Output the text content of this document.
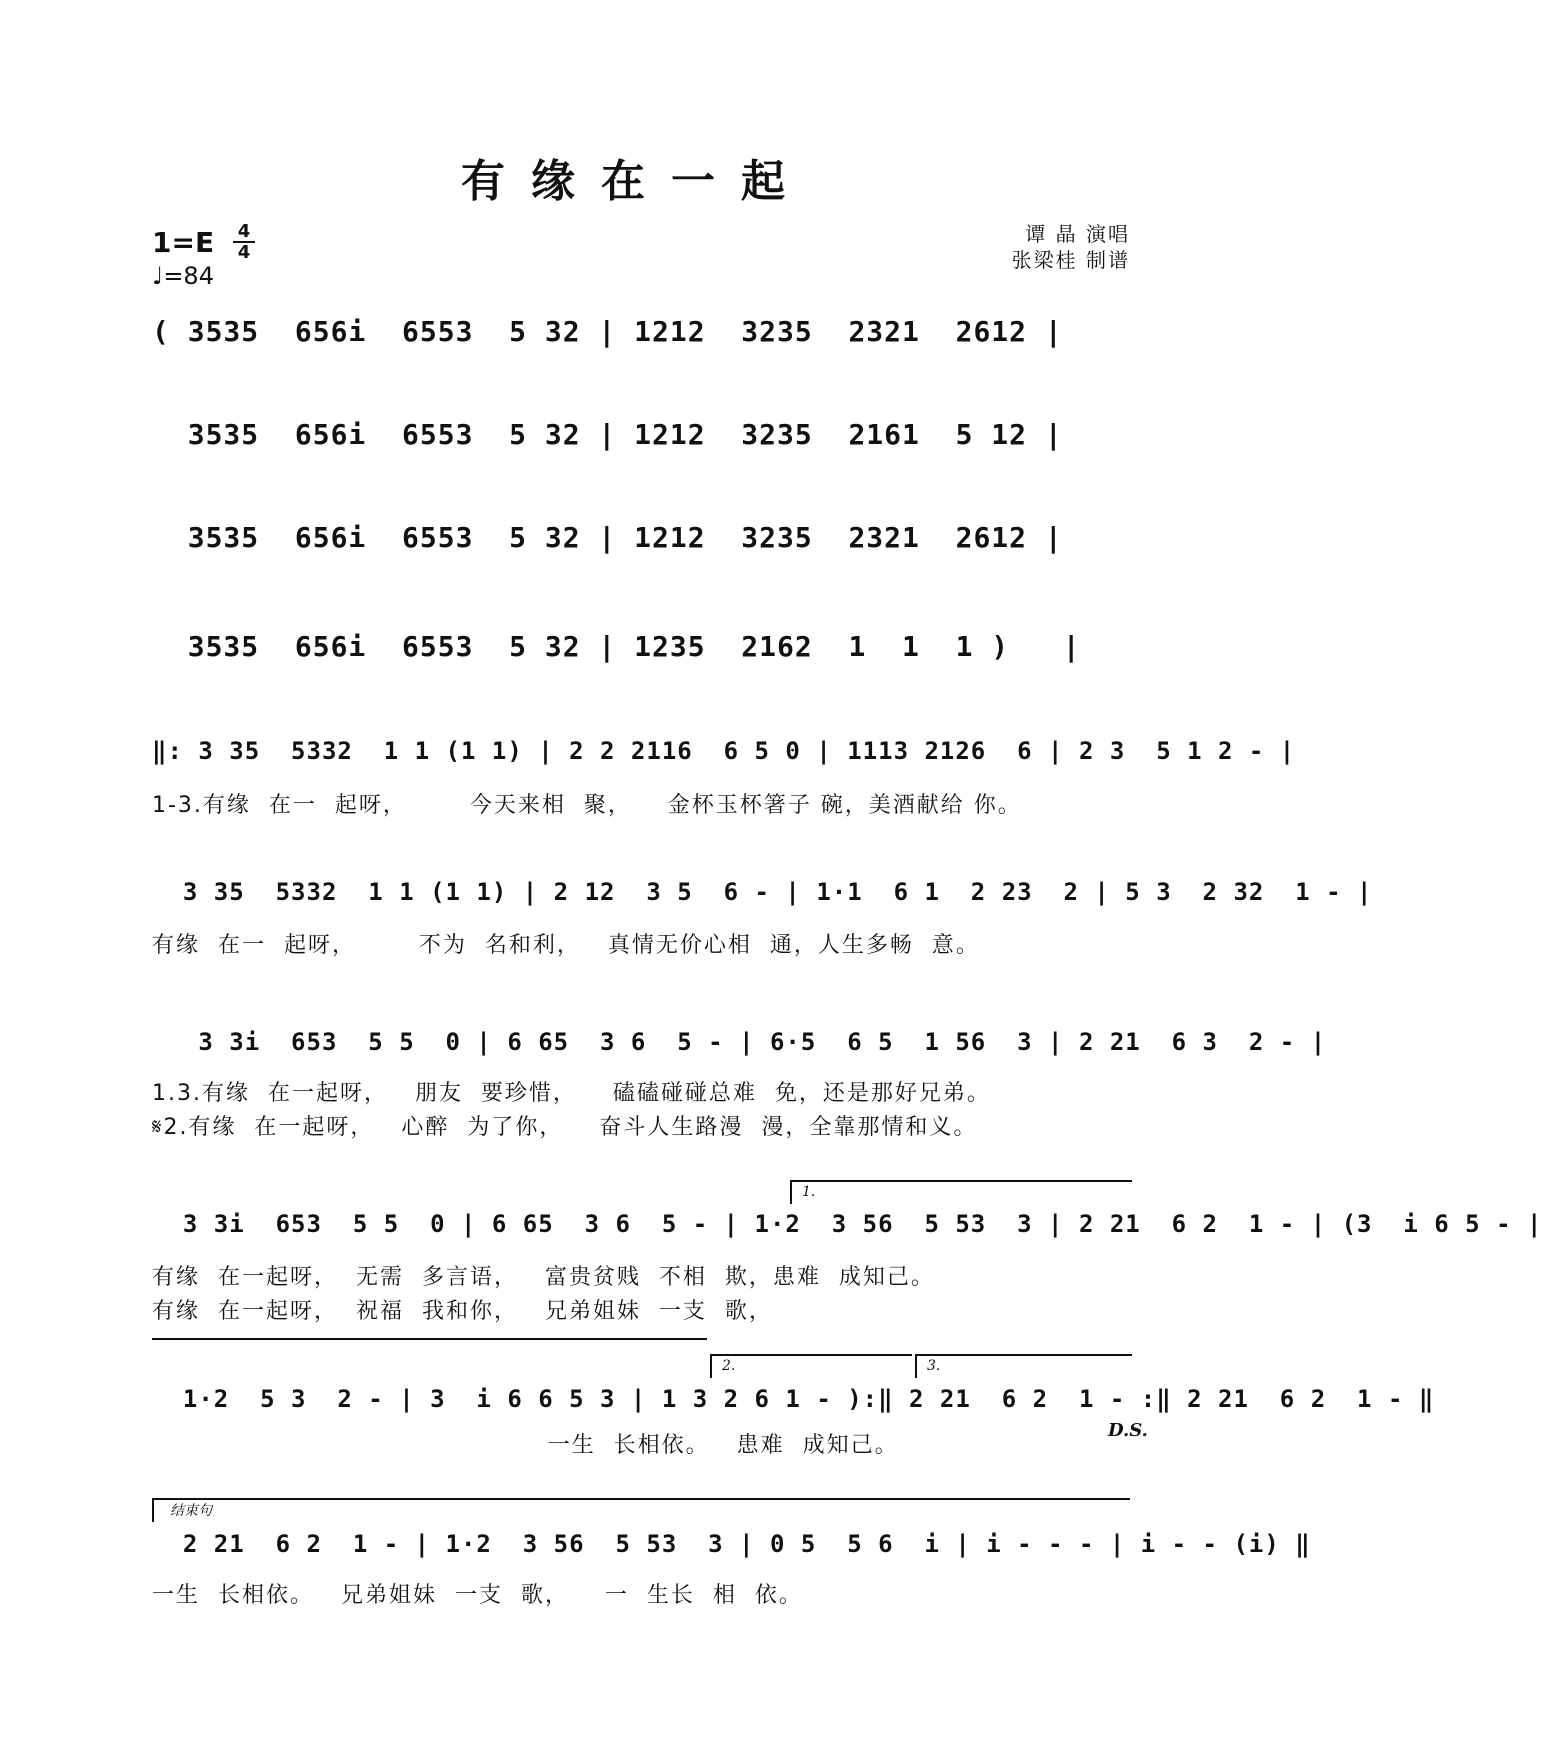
有缘在一起
1=E 4
4
♩=84
谭 晶 演唱
张梁桂 制谱
( 3535  656i  6553  5 32 | 1212  3235  2321  2612 |
3535  656i  6553  5 32 | 1212  3235  2161  5 12 |
3535  656i  6553  5 32 | 1212  3235  2321  2612 |
3535  656i  6553  5 32 | 1235  2162  1  1  1 )   |
‖: 3 35  5332  1 1 (1 1) | 2 2 2116  6 5 0 | 1113 2126  6 | 2 3  5 1 2 - |
1-3.有缘  在一  起呀，       今天来相  聚，    金杯玉杯箸子 碗，美酒献给 你。
3 35  5332  1 1 (1 1) | 2 12  3 5  6 - | 1·1  6 1  2 23  2 | 5 3  2 32  1 - |
有缘  在一  起呀，       不为  名和利，   真情无价心相  通，人生多畅  意。
3 3i  653  5 5  0 | 6 65  3 6  5 - | 6·5  6 5  1 56  3 | 2 21  6 3  2 - |
1.3.有缘  在一起呀，   朋友  要珍惜，    磕磕碰碰总难  免，还是那好兄弟。
𝄋2.有缘  在一起呀，   心醉  为了你，    奋斗人生路漫  漫，全靠那情和义。
1.
3 3i  653  5 5  0 | 6 65  3 6  5 - | 1·2  3 56  5 53  3 | 2 21  6 2  1 - | (3  i 6 5 - |
有缘  在一起呀，  无需  多言语，   富贵贫贱  不相  欺，患难  成知己。
有缘  在一起呀，  祝福  我和你，   兄弟姐妹  一支  歌，
2.	3.
1·2  5 3  2 - | 3  i 6 6 5 3 | 1 3 2 6 1 - ):‖ 2 21  6 2  1 - :‖ 2 21  6 2  1 - ‖
一生  长相依。   患难  成知己。
D.S.
结束句
2 21  6 2  1 - | 1·2  3 56  5 53  3 | 0 5  5 6  i | i - - - | i - - (i) ‖
一生  长相依。   兄弟姐妹  一支  歌，    一  生长  相  依。
